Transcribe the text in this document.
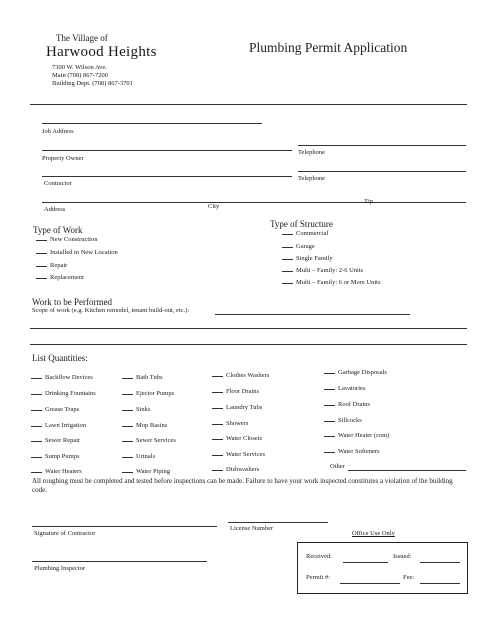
The Village of
Harwood Heights
7300 W. Wilson Ave.
Main (708) 867-7200
Building Dept. (708) 867-3701
Plumbing Permit Application
Job Address
Telephone
Property Owner
Telephone
Contractor
Zip
City
Address
Type of Work
New Construction
Installed in New Location
Repair
Replacement
Type of Structure
Commercial
Garage
Single Family
Multi – Family: 2-6 Units
Multi – Family: 6 or More Units
Work to be Performed
Scope of work (e.g. Kitchen remodel, tenant build-out, etc.):
List Quantities:
Backflow Devices
Drinking Fountains
Grease Traps
Lawn Irrigation
Sewer Repair
Sump Pumps
Water Heaters
Bath Tubs
Ejector Pumps
Sinks
Mop Basins
Sewer Services
Urinals
Water Piping
Clothes Washers
Floor Drains
Laundry Tubs
Showers
Water Closets
Water Services
Dishwashers
Garbage Disposals
Lavatories
Roof Drains
Sillcocks
Water Heater (com)
Water Softeners
Other
All roughing must be completed and tested before inspections can be made. Failure to have your work inspected constitutes a violation of the building code.
Signature of Contractor
License Number
Plumbing Inspector
Office Use Only
Received:	Issued:
Permit #:	Fee:
